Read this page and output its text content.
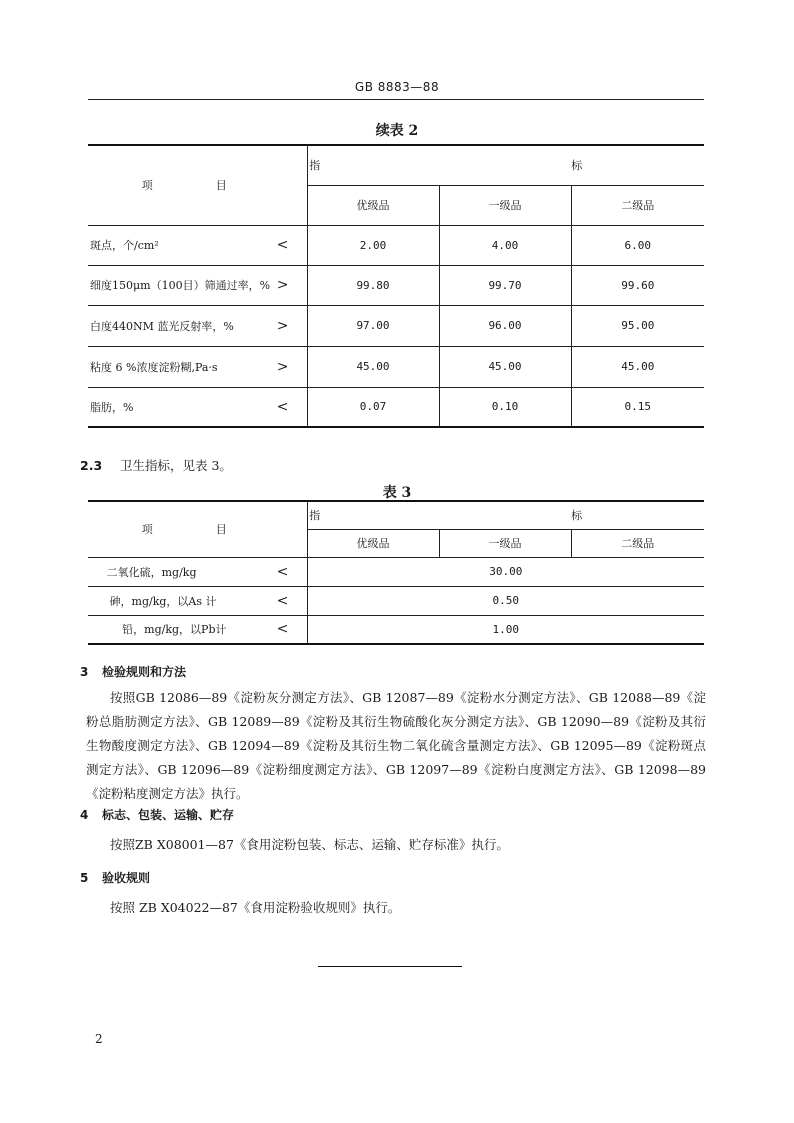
GB 8883—88
续表 2
项　目	指　标		
	优级品	一级品	二级品
斑点，个/cm² <	2.00	4.00	6.00
细度150μm（100目）筛通过率，% >	99.80	99.70	99.60
白度440NM 蓝光反射率，% >	97.00	96.00	95.00
粘度 6 %浓度淀粉糊,Pa·s >	45.00	45.00	45.00
脂肪，% <	0.07	0.10	0.15
2.3 卫生指标，见表 3。
表 3
项　目	指　标		
	优级品	一级品	二级品
二氧化硫，mg/kg <	30.00		
砷，mg/kg，以As 计 <	0.50		
铅，mg/kg，以Pb计 <	1.00		
3 检验规则和方法
按照GB 12086—89《淀粉灰分测定方法》、GB 12087—89《淀粉水分测定方法》、GB 12088—89《淀粉总脂肪测定方法》、GB 12089—89《淀粉及其衍生物硫酸化灰分测定方法》、GB 12090—89《淀粉及其衍生物酸度测定方法》、GB 12094—89《淀粉及其衍生物二氧化硫含量测定方法》、GB 12095—89《淀粉斑点测定方法》、GB 12096—89《淀粉细度测定方法》、GB 12097—89《淀粉白度测定方法》、GB 12098—89《淀粉粘度测定方法》执行。
4 标志、包装、运输、贮存
按照ZB X08001—87《食用淀粉包装、标志、运输、贮存标准》执行。
5 验收规则
按照 ZB X04022—87《食用淀粉验收规则》执行。
2
